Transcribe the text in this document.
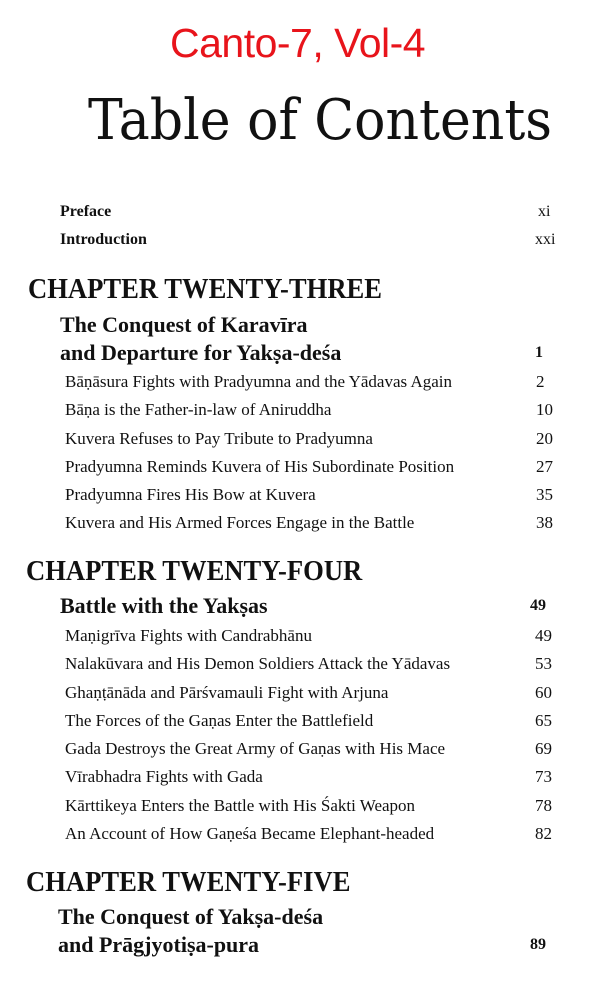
Canto-7, Vol-4
Table of Contents
Preface	xi
Introduction	xxi
CHAPTER TWENTY-THREE
The Conquest of Karavīra
and Departure for Yakṣa-deśa	1
Bāṇāsura Fights with Pradyumna and the Yādavas Again	2
Bāṇa is the Father-in-law of Aniruddha	10
Kuvera Refuses to Pay Tribute to Pradyumna	20
Pradyumna Reminds Kuvera of His Subordinate Position	27
Pradyumna Fires His Bow at Kuvera	35
Kuvera and His Armed Forces Engage in the Battle	38
CHAPTER TWENTY-FOUR
Battle with the Yakṣas	49
Maṇigrīva Fights with Candrabhānu	49
Nalakūvara and His Demon Soldiers Attack the Yādavas	53
Ghaṇṭānāda and Pārśvamauli Fight with Arjuna	60
The Forces of the Gaṇas Enter the Battlefield	65
Gada Destroys the Great Army of Gaṇas with His Mace	69
Vīrabhadra Fights with Gada	73
Kārttikeya Enters the Battle with His Śakti Weapon	78
An Account of How Gaṇeśa Became Elephant-headed	82
CHAPTER TWENTY-FIVE
The Conquest of Yakṣa-deśa
and Prāgjyotiṣa-pura	89
